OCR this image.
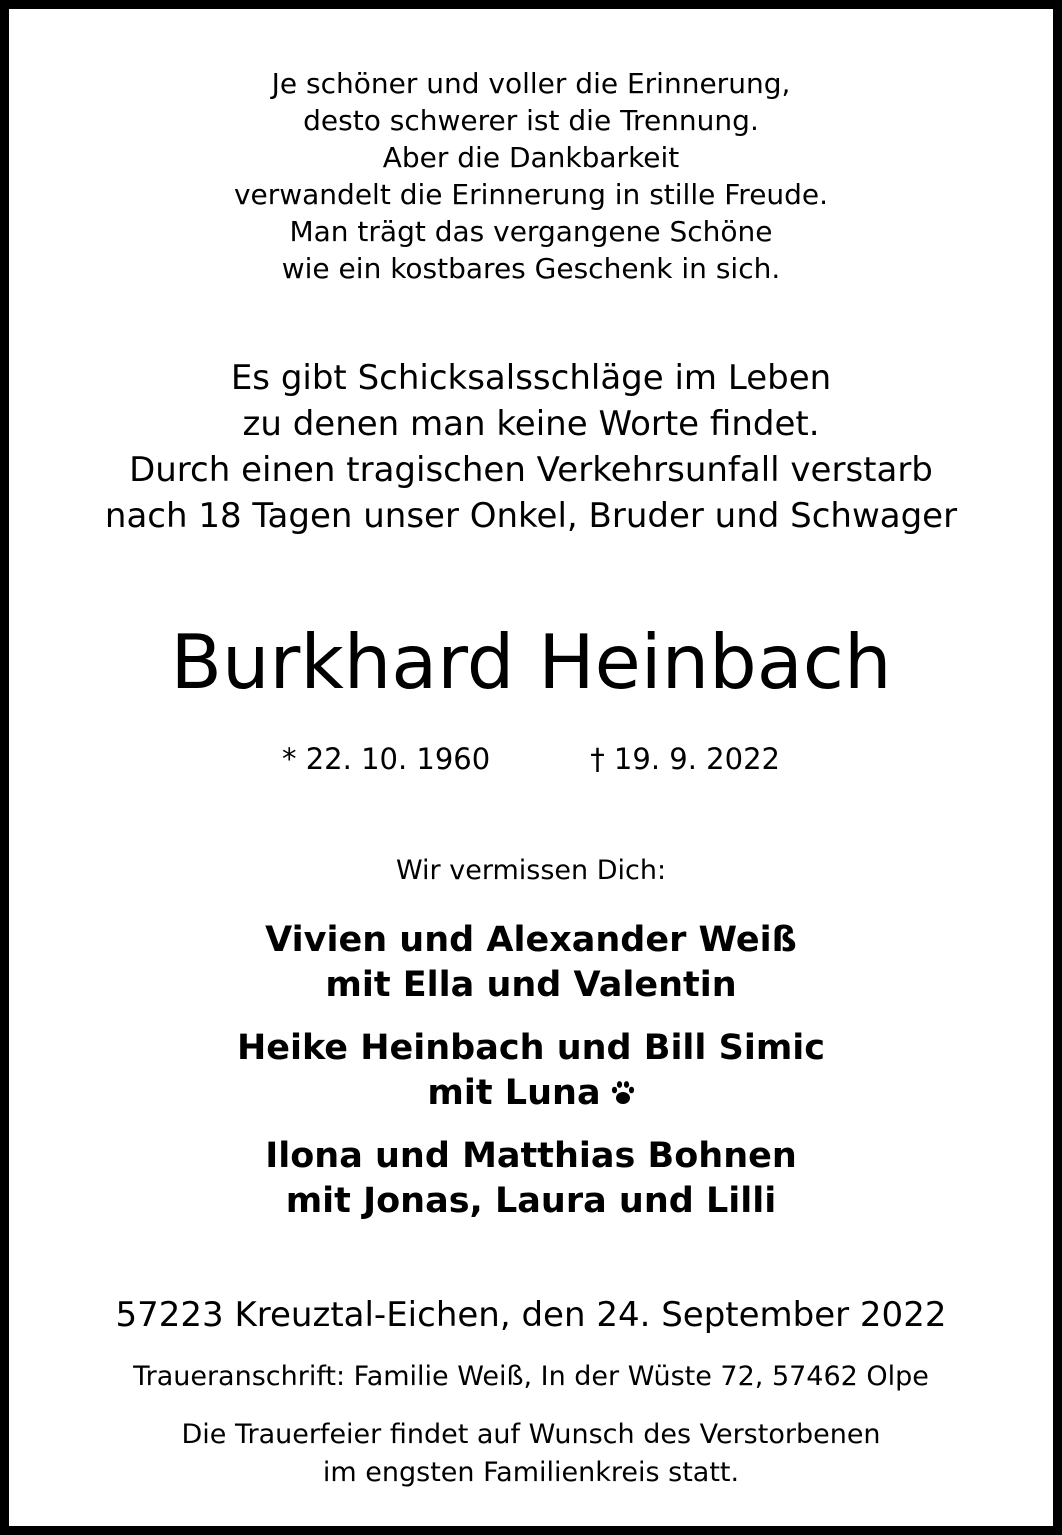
Je schöner und voller die Erinnerung,
desto schwerer ist die Trennung.
Aber die Dankbarkeit
verwandelt die Erinnerung in stille Freude.
Man trägt das vergangene Schöne
wie ein kostbares Geschenk in sich.
Es gibt Schicksalsschläge im Leben
zu denen man keine Worte findet.
Durch einen tragischen Verkehrsunfall verstarb
nach 18 Tagen unser Onkel, Bruder und Schwager
Burkhard Heinbach
* 22. 10. 1960	† 19. 9. 2022
Wir vermissen Dich:
Vivien und Alexander Weiß
mit Ella und Valentin
Heike Heinbach und Bill Simic
mit Luna
Ilona und Matthias Bohnen
mit Jonas, Laura und Lilli
57223 Kreuztal-Eichen, den 24. September 2022
Traueranschrift: Familie Weiß, In der Wüste 72, 57462 Olpe
Die Trauerfeier findet auf Wunsch des Verstorbenen
im engsten Familienkreis statt.
